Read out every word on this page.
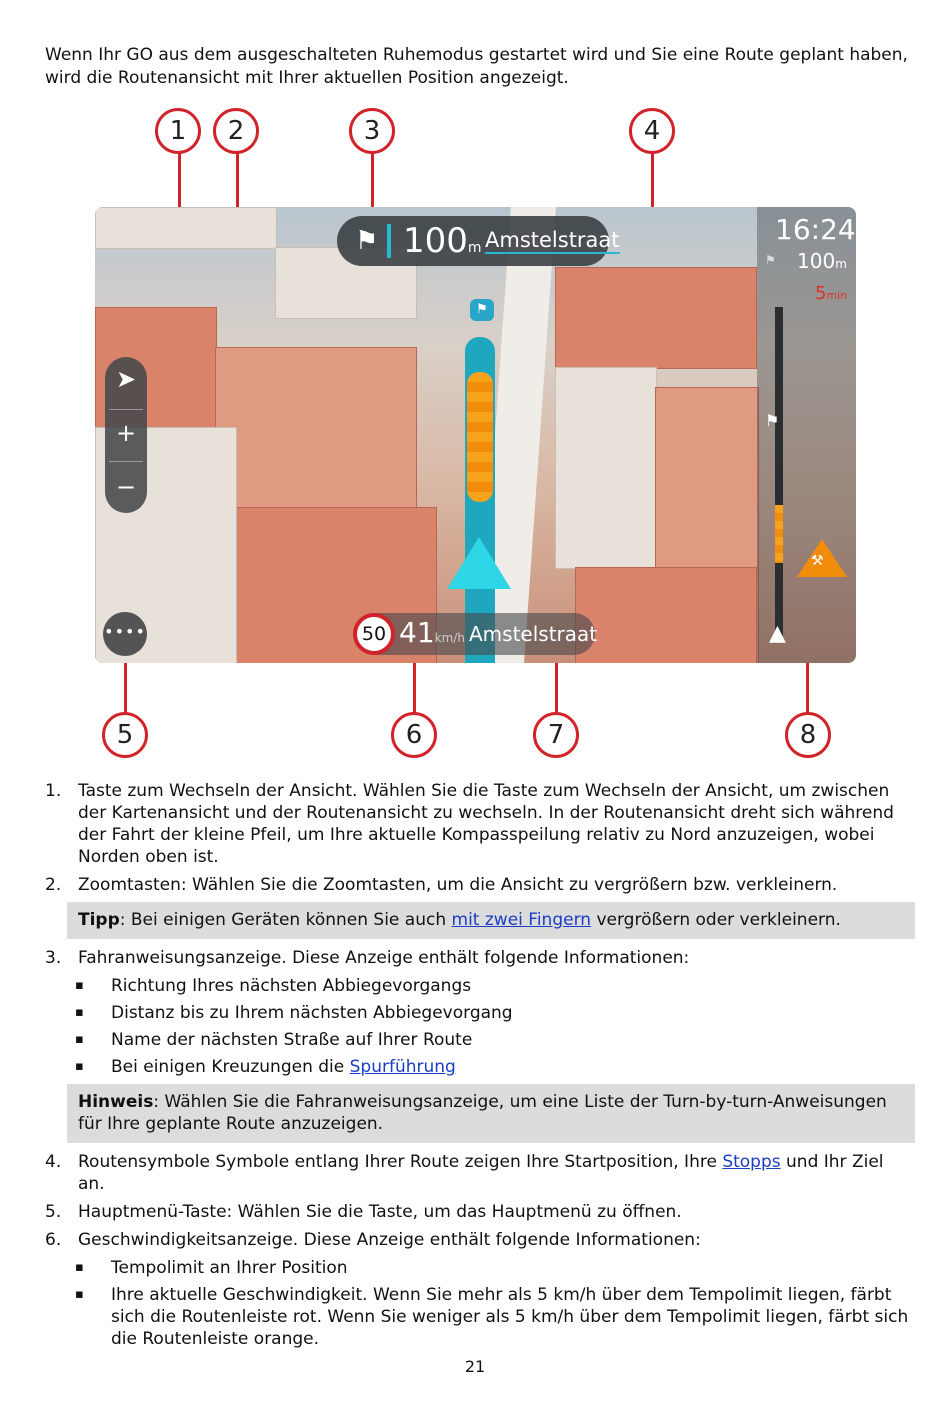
Wenn Ihr GO aus dem ausgeschalteten Ruhemodus gestartet wird und Sie eine Route geplant haben, wird die Routenansicht mit Ihrer aktuellen Position angezeigt.
⚑
⚑ 100m Amstelstraat	16:24
⚑ 100m
5min
⚑
⚒
▲
➤
+
−
••••	50 41km/h Amstelstraat
1	2	3	4
5	6	7	8
1. Taste zum Wechseln der Ansicht. Wählen Sie die Taste zum Wechseln der Ansicht, um zwischen der Kartenansicht und der Routenansicht zu wechseln. In der Routenansicht dreht sich während der Fahrt der kleine Pfeil, um Ihre aktuelle Kompasspeilung relativ zu Nord anzuzeigen, wobei Norden oben ist.
2. Zoomtasten: Wählen Sie die Zoomtasten, um die Ansicht zu vergrößern bzw. verkleinern.
Tipp: Bei einigen Geräten können Sie auch mit zwei Fingern vergrößern oder verkleinern.
3. Fahranweisungsanzeige. Diese Anzeige enthält folgende Informationen:
▪ Richtung Ihres nächsten Abbiegevorgangs
▪ Distanz bis zu Ihrem nächsten Abbiegevorgang
▪ Name der nächsten Straße auf Ihrer Route
▪ Bei einigen Kreuzungen die Spurführung
Hinweis: Wählen Sie die Fahranweisungsanzeige, um eine Liste der Turn-by-turn-Anweisungen für Ihre geplante Route anzuzeigen.
4. Routensymbole Symbole entlang Ihrer Route zeigen Ihre Startposition, Ihre Stopps und Ihr Ziel an.
5. Hauptmenü-Taste: Wählen Sie die Taste, um das Hauptmenü zu öffnen.
6. Geschwindigkeitsanzeige. Diese Anzeige enthält folgende Informationen:
▪ Tempolimit an Ihrer Position
▪ Ihre aktuelle Geschwindigkeit. Wenn Sie mehr als 5 km/h über dem Tempolimit liegen, färbt sich die Routenleiste rot. Wenn Sie weniger als 5 km/h über dem Tempolimit liegen, färbt sich die Routenleiste orange.
21
